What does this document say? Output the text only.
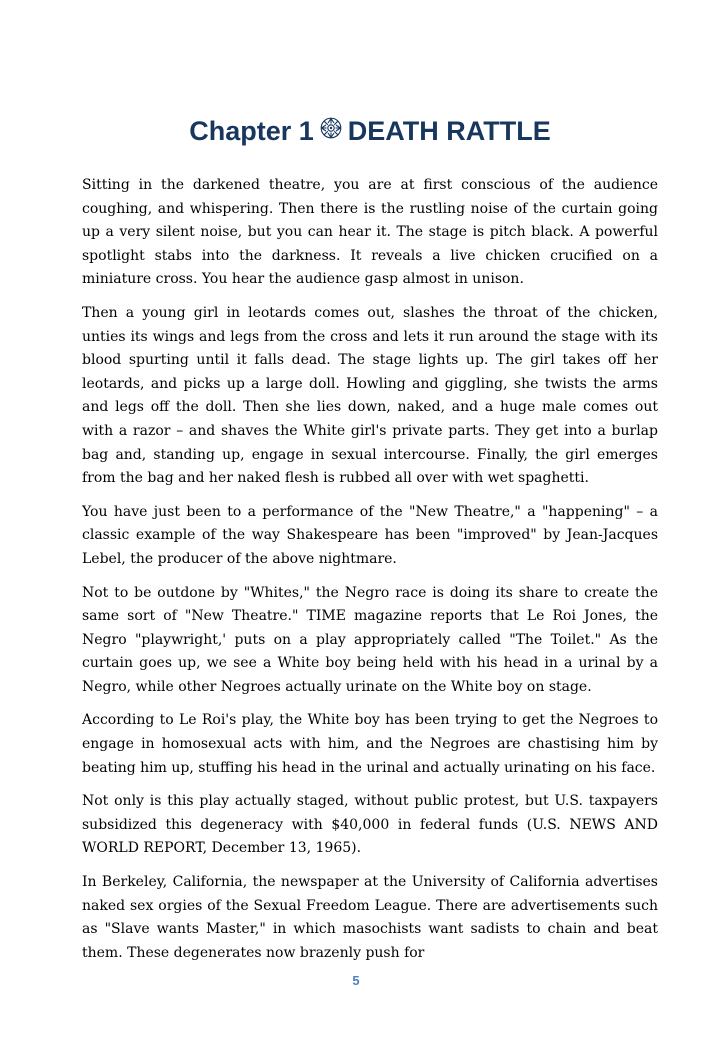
Chapter 1 DEATH RATTLE

Sitting in the darkened theatre, you are at first conscious of the audience coughing, and whispering. Then there is the rustling noise of the curtain going up a very silent noise, but you can hear it. The stage is pitch black. A powerful spotlight stabs into the darkness. It reveals a live chicken crucified on a miniature cross. You hear the audience gasp almost in unison.

Then a young girl in leotards comes out, slashes the throat of the chicken, unties its wings and legs from the cross and lets it run around the stage with its blood spurting until it falls dead. The stage lights up. The girl takes off her leotards, and picks up a large doll. Howling and giggling, she twists the arms and legs off the doll. Then she lies down, naked, and a huge male comes out with a razor – and shaves the White girl's private parts. They get into a burlap bag and, standing up, engage in sexual intercourse. Finally, the girl emerges from the bag and her naked flesh is rubbed all over with wet spaghetti.

You have just been to a performance of the "New Theatre," a "happening" – a classic example of the way Shakespeare has been "improved" by Jean-Jacques Lebel, the producer of the above nightmare.

Not to be outdone by "Whites," the Negro race is doing its share to create the same sort of "New Theatre." TIME magazine reports that Le Roi Jones, the Negro "playwright,' puts on a play appropriately called "The Toilet." As the curtain goes up, we see a White boy being held with his head in a urinal by a Negro, while other Negroes actually urinate on the White boy on stage.

According to Le Roi's play, the White boy has been trying to get the Negroes to engage in homosexual acts with him, and the Negroes are chastising him by beating him up, stuffing his head in the urinal and actually urinating on his face.

Not only is this play actually staged, without public protest, but U.S. taxpayers subsidized this degeneracy with $40,000 in federal funds (U.S. NEWS AND WORLD REPORT, December 13, 1965).

In Berkeley, California, the newspaper at the University of California advertises naked sex orgies of the Sexual Freedom League. There are advertisements such as "Slave wants Master," in which masochists want sadists to chain and beat them. These degenerates now brazenly push for

5
